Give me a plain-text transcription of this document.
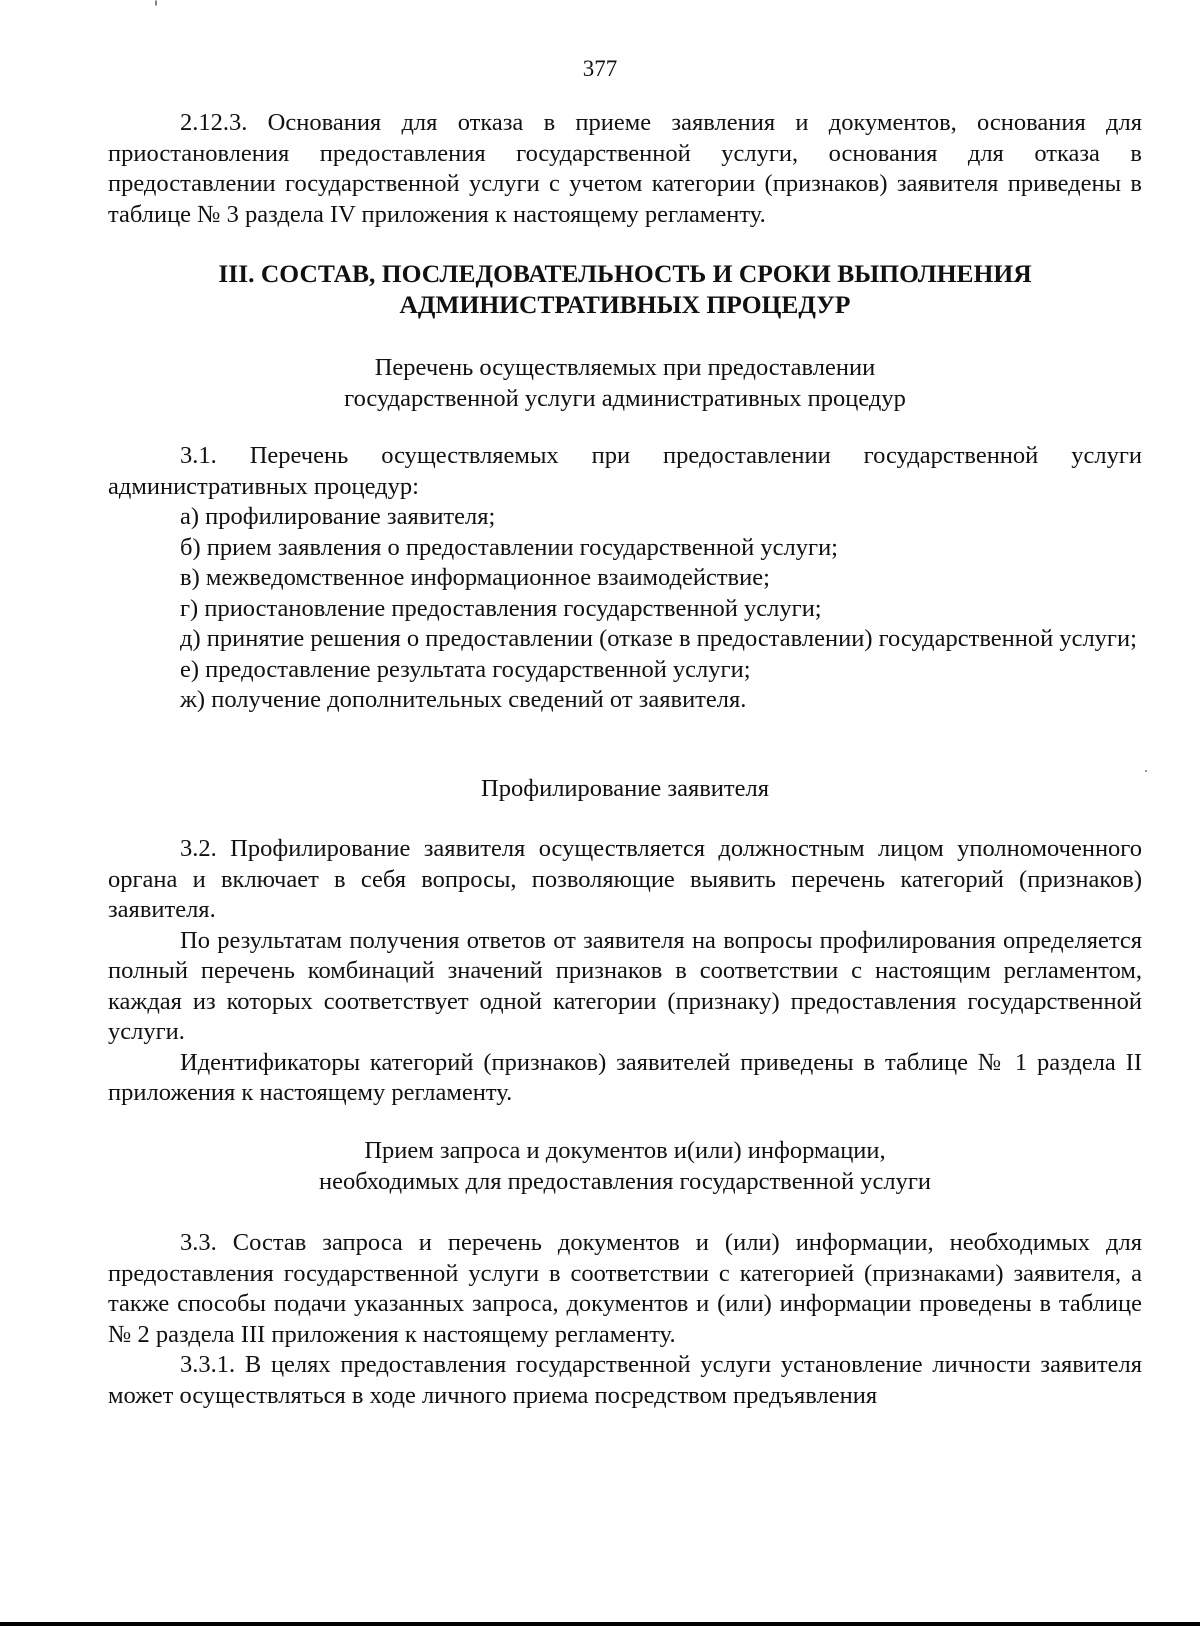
377

2.12.3. Основания для отказа в приеме заявления и документов, основания для приостановления предоставления государственной услуги, основания для отказа в предоставлении государственной услуги с учетом категории (признаков) заявителя приведены в таблице № 3 раздела IV приложения к настоящему регламенту.

III. СОСТАВ, ПОСЛЕДОВАТЕЛЬНОСТЬ И СРОКИ ВЫПОЛНЕНИЯ
АДМИНИСТРАТИВНЫХ ПРОЦЕДУР
Перечень осуществляемых при предоставлении
государственной услуги административных процедур

3.1. Перечень осуществляемых при предоставлении государственной услуги административных процедур:

а) профилирование заявителя;

б) прием заявления о предоставлении государственной услуги;

в) межведомственное информационное взаимодействие;

г) приостановление предоставления государственной услуги;

д) принятие решения о предоставлении (отказе в предоставлении) государственной услуги;

е) предоставление результата государственной услуги;

ж) получение дополнительных сведений от заявителя.

Профилирование заявителя

3.2. Профилирование заявителя осуществляется должностным лицом уполномоченного органа и включает в себя вопросы, позволяющие выявить перечень категорий (признаков) заявителя.

По результатам получения ответов от заявителя на вопросы профилирования определяется полный перечень комбинаций значений признаков в соответствии с настоящим регламентом, каждая из которых соответствует одной категории (признаку) предоставления государственной услуги.

Идентификаторы категорий (признаков) заявителей приведены в таблице № 1 раздела II приложения к настоящему регламенту.

Прием запроса и документов и(или) информации,
необходимых для предоставления государственной услуги

3.3. Состав запроса и перечень документов и (или) информации, необходимых для предоставления государственной услуги в соответствии с категорией (признаками) заявителя, а также способы подачи указанных запроса, документов и (или) информации проведены в таблице № 2 раздела III приложения к настоящему регламенту.

3.3.1. В целях предоставления государственной услуги установление личности заявителя может осуществляться в ходе личного приема посредством предъявления
